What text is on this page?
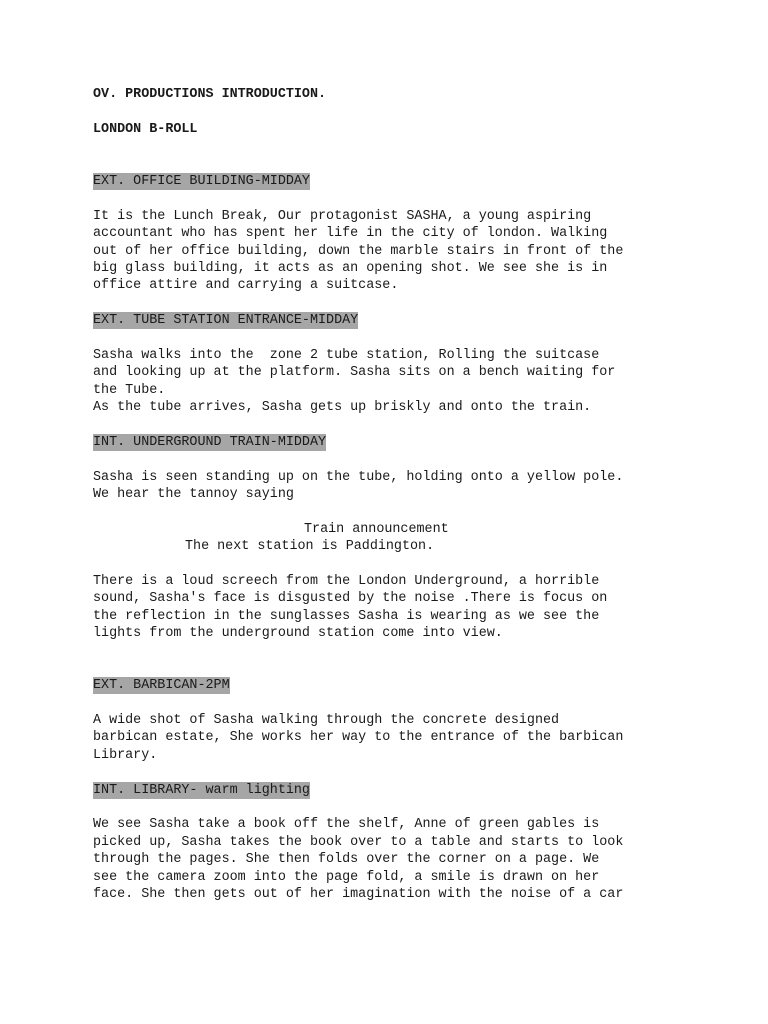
OV. PRODUCTIONS INTRODUCTION.
LONDON B-ROLL
EXT. OFFICE BUILDING-MIDDAY
It is the Lunch Break, Our protagonist SASHA, a young aspiring
accountant who has spent her life in the city of london. Walking
out of her office building, down the marble stairs in front of the
big glass building, it acts as an opening shot. We see she is in
office attire and carrying a suitcase.
EXT. TUBE STATION ENTRANCE-MIDDAY
Sasha walks into the  zone 2 tube station, Rolling the suitcase
and looking up at the platform. Sasha sits on a bench waiting for
the Tube.
As the tube arrives, Sasha gets up briskly and onto the train.
INT. UNDERGROUND TRAIN-MIDDAY
Sasha is seen standing up on the tube, holding onto a yellow pole.
We hear the tannoy saying
Train announcement
The next station is Paddington.
There is a loud screech from the London Underground, a horrible
sound, Sasha's face is disgusted by the noise .There is focus on
the reflection in the sunglasses Sasha is wearing as we see the
lights from the underground station come into view.
EXT. BARBICAN-2PM
A wide shot of Sasha walking through the concrete designed
barbican estate, She works her way to the entrance of the barbican
Library.
INT. LIBRARY- warm lighting
We see Sasha take a book off the shelf, Anne of green gables is
picked up, Sasha takes the book over to a table and starts to look
through the pages. She then folds over the corner on a page. We
see the camera zoom into the page fold, a smile is drawn on her
face. She then gets out of her imagination with the noise of a car
